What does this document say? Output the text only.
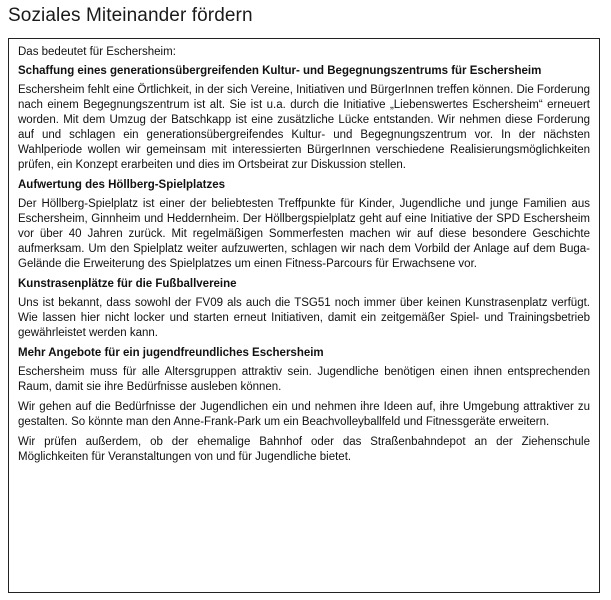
Soziales Miteinander fördern

Das bedeutet für Eschersheim:

Schaffung eines generationsübergreifenden Kultur- und Begegnungszentrums für Eschersheim

Eschersheim fehlt eine Örtlichkeit, in der sich Vereine, Initiativen und BürgerInnen treffen können. Die Forderung nach einem Begegnungszentrum ist alt. Sie ist u.a. durch die Initiative „Liebenswertes Eschersheim“ erneuert worden. Mit dem Umzug der Batschkapp ist eine zusätzliche Lücke entstanden. Wir nehmen diese Forderung auf und schlagen ein generationsübergreifendes Kultur- und Begegnungszentrum vor. In der nächsten Wahlperiode wollen wir gemeinsam mit interessierten BürgerInnen verschiedene Realisierungsmöglichkeiten prüfen, ein Konzept erarbeiten und dies im Ortsbeirat zur Diskussion stellen.

Aufwertung des Höllberg-Spielplatzes

Der Höllberg-Spielplatz ist einer der beliebtesten Treffpunkte für Kinder, Jugendliche und junge Familien aus Eschersheim, Ginnheim und Heddernheim. Der Höllbergspielplatz geht auf eine Initiative der SPD Eschersheim vor über 40 Jahren zurück. Mit regelmäßigen Sommerfesten machen wir auf diese besondere Geschichte aufmerksam. Um den Spielplatz weiter aufzuwerten, schlagen wir nach dem Vorbild der Anlage auf dem Buga-Gelände die Erweiterung des Spielplatzes um einen Fitness-Parcours für Erwachsene vor.

Kunstrasenplätze für die Fußballvereine

Uns ist bekannt, dass sowohl der FV09 als auch die TSG51 noch immer über keinen Kunstrasenplatz verfügt. Wie lassen hier nicht locker und starten erneut Initiativen, damit ein zeitgemäßer Spiel- und Trainingsbetrieb gewährleistet werden kann.

Mehr Angebote für ein jugendfreundliches Eschersheim

Eschersheim muss für alle Altersgruppen attraktiv sein. Jugendliche benötigen einen ihnen entsprechenden Raum, damit sie ihre Bedürfnisse ausleben können.

Wir gehen auf die Bedürfnisse der Jugendlichen ein und nehmen ihre Ideen auf, ihre Umgebung attraktiver zu gestalten. So könnte man den Anne-Frank-Park um ein Beachvolleyballfeld und Fitnessgeräte erweitern.

Wir prüfen außerdem, ob der ehemalige Bahnhof oder das Straßenbahndepot an der Ziehenschule Möglichkeiten für Veranstaltungen von und für Jugendliche bietet.
